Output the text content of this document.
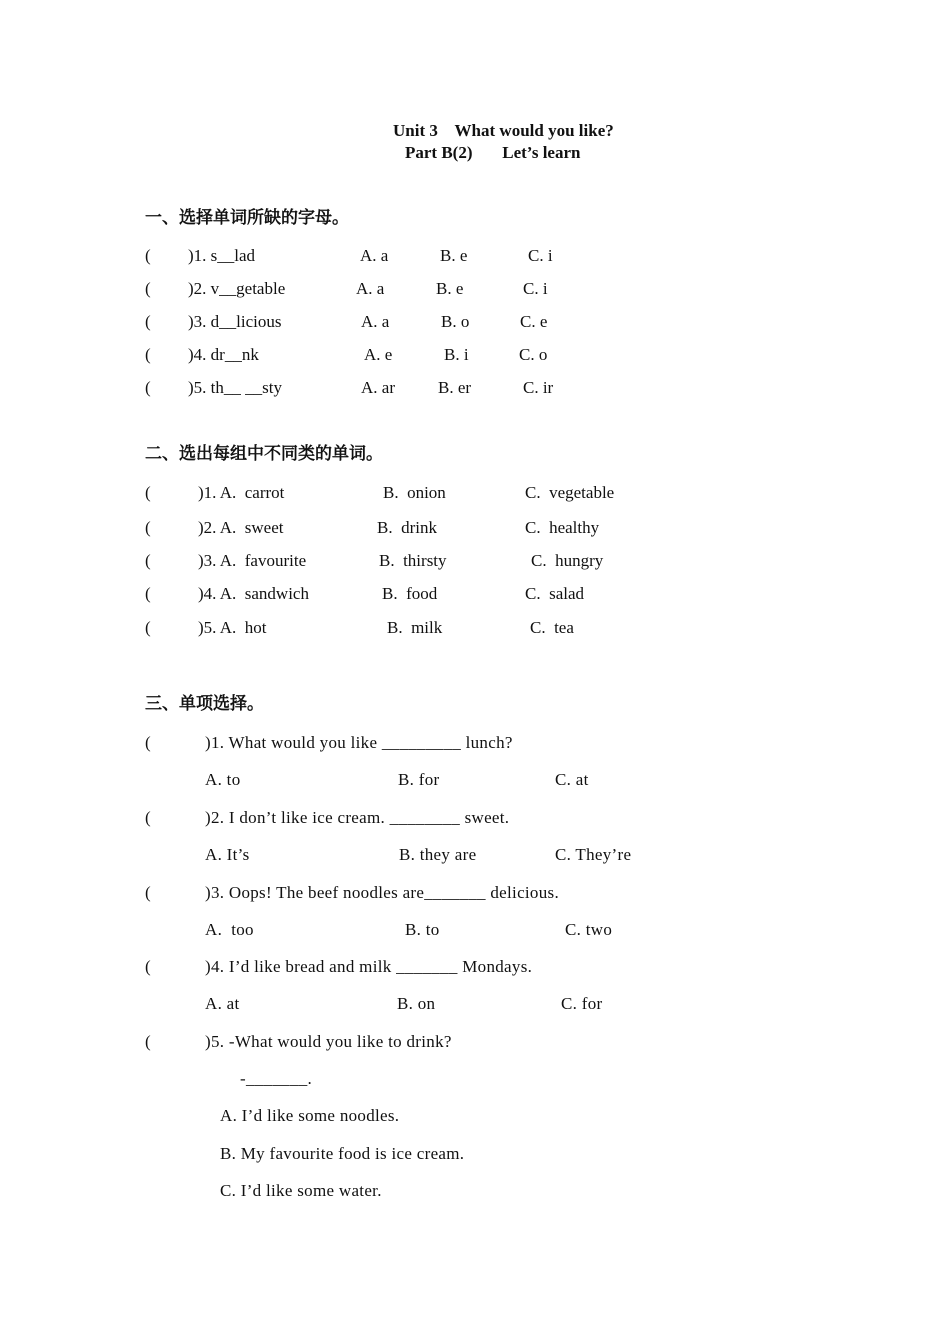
Unit 3    What would you like?
Part B(2)       Let’s learn
一、选择单词所缺的字母。
( )1. s__lad	A. a	B. e	C. i
( )2. v__getable	A. a	B. e	C. i
( )3. d__licious	A. a	B. o	C. e
( )4. dr__nk	A. e	B. i	C. o
( )5. th__ __sty	A. ar	B. er	C. ir
二、选出每组中不同类的单词。
(	)1. A.  carrot	B.  onion	C.  vegetable
(	)2. A.  sweet	B.  drink	C.  healthy
(	)3. A.  favourite	B.  thirsty	C.  hungry
(	)4. A.  sandwich	B.  food	C.  salad
(	)5. A.  hot	B.  milk	C.  tea
三、单项选择。
(	)1. What would you like _________ lunch?
A. to	B. for	C. at
(	)2. I don’t like ice cream. ________ sweet.
A. It’s	B. they are	C. They’re
(	)3. Oops! The beef noodles are_______ delicious.
A.  too	B. to	C. two
(	)4. I’d like bread and milk _______ Mondays.
A. at	B. on	C. for
(	)5. -What would you like to drink?
-_______.
A. I’d like some noodles.
B. My favourite food is ice cream.
C. I’d like some water.
